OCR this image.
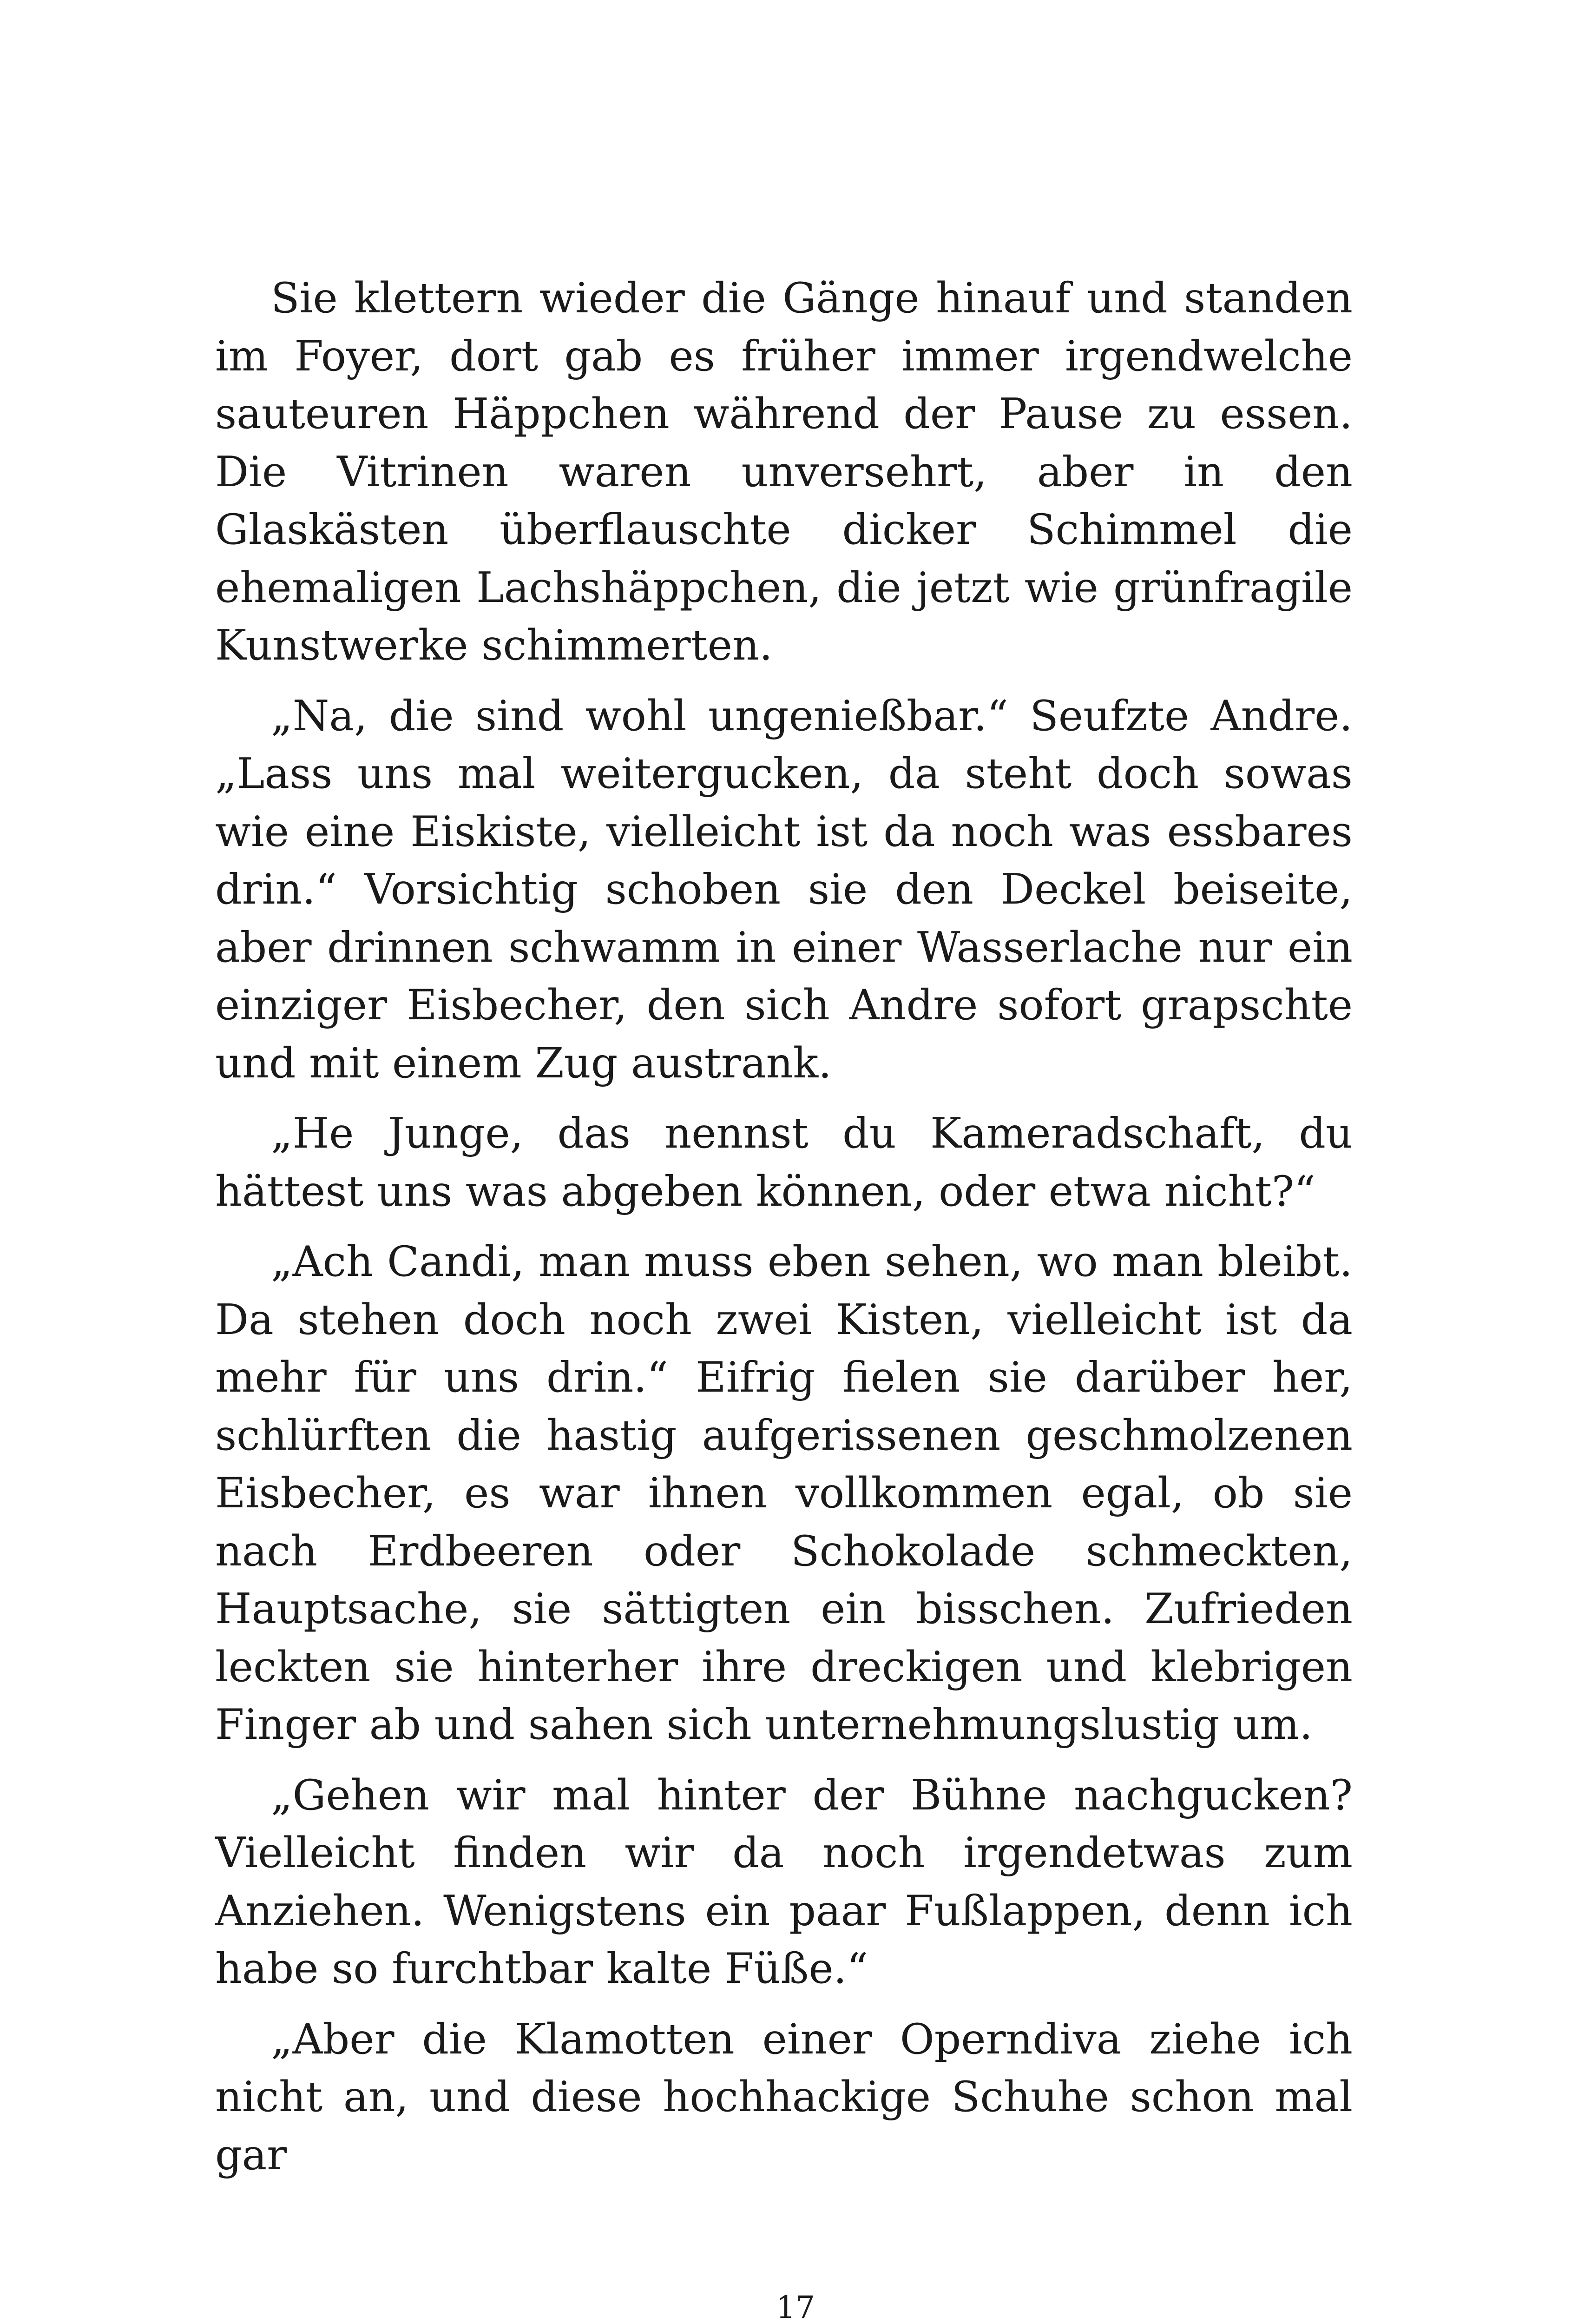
Sie klettern wieder die Gänge hinauf und standen im Foyer, dort gab es früher immer irgendwelche sauteuren Häppchen während der Pause zu essen. Die Vitrinen waren unversehrt, aber in den Glaskästen überflauschte dicker Schimmel die ehemaligen Lachshäppchen, die jetzt wie grünfragile Kunstwerke schimmerten.

„Na, die sind wohl ungenießbar.“ Seufzte Andre. „Lass uns mal weitergucken, da steht doch sowas wie eine Eiskiste, vielleicht ist da noch was essbares drin.“ Vorsichtig schoben sie den Deckel beiseite, aber drinnen schwamm in einer Wasserlache nur ein einziger Eisbecher, den sich Andre sofort grapschte und mit einem Zug austrank.

„He Junge, das nennst du Kameradschaft, du hättest uns was abgeben können, oder etwa nicht?“

„Ach Candi, man muss eben sehen, wo man bleibt. Da stehen doch noch zwei Kisten, vielleicht ist da mehr für uns drin.“ Eifrig fielen sie darüber her, schlürften die hastig aufgerissenen geschmolzenen Eisbecher, es war ihnen vollkommen egal, ob sie nach Erdbeeren oder Schokolade schmeckten, Hauptsache, sie sättigten ein bisschen. Zufrieden leckten sie hinterher ihre dreckigen und klebrigen Finger ab und sahen sich unternehmungslustig um.

„Gehen wir mal hinter der Bühne nachgucken? Vielleicht finden wir da noch irgendetwas zum Anziehen. Wenigstens ein paar Fußlappen, denn ich habe so furchtbar kalte Füße.“

„Aber die Klamotten einer Operndiva ziehe ich nicht an, und diese hochhackige Schuhe schon mal gar

17
